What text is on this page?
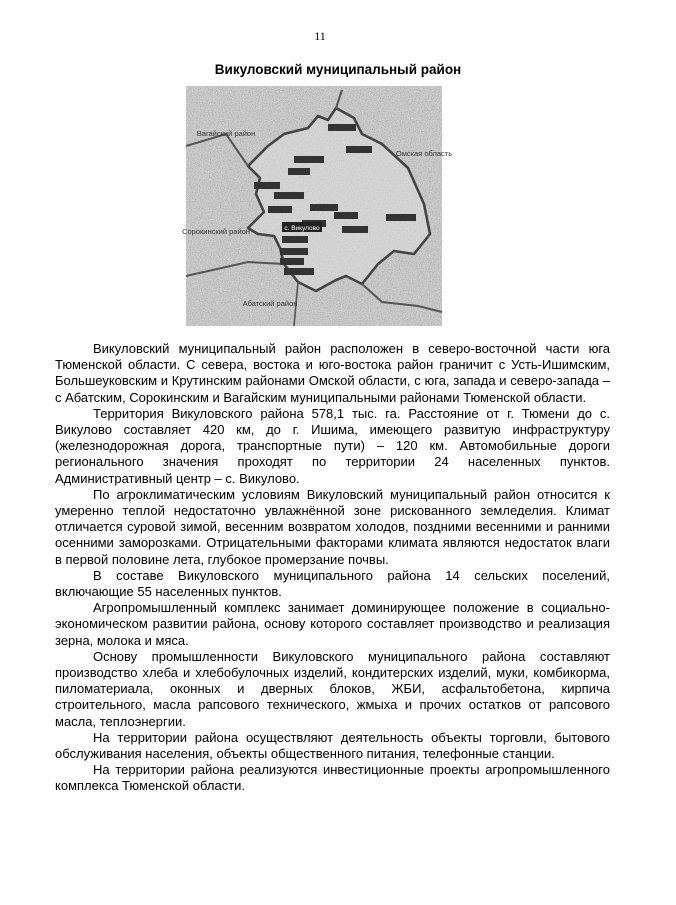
11
Викуловский муниципальный район
с. Викулово
Вагайский район
Омская область
Сорокинский район
Абатский район

Викуловский муниципальный район расположен в северо-восточной части юга Тюменской области. С севера, востока и юго-востока район граничит с Усть-Ишимским, Большеуковским и Крутинским районами Омской области, с юга, запада и северо-запада – с Абатским, Сорокинским и Вагайским муниципальными районами Тюменской области.

Территория Викуловского района 578,1 тыс. га. Расстояние от г. Тюмени до с. Викулово составляет 420 км, до г. Ишима, имеющего развитую инфраструктуру (железнодорожная дорога, транспортные пути) – 120 км. Автомобильные дороги регионального значения проходят по территории 24 населенных пунктов. Административный центр – с. Викулово.

По агроклиматическим условиям Викуловский муниципальный район относится к умеренно теплой недостаточно увлажнённой зоне рискованного земледелия. Климат отличается суровой зимой, весенним возвратом холодов, поздними весенними и ранними осенними заморозками. Отрицательными факторами климата являются недостаток влаги в первой половине лета, глубокое промерзание почвы.

В составе Викуловского муниципального района 14 сельских поселений, включающие 55 населенных пунктов.

Агропромышленный комплекс занимает доминирующее положение в социально-экономическом развитии района, основу которого составляет производство и реализация зерна, молока и мяса.

Основу промышленности Викуловского муниципального района составляют производство хлеба и хлебобулочных изделий, кондитерских изделий, муки, комбикорма, пиломатериала, оконных и дверных блоков, ЖБИ, асфальтобетона, кирпича строительного, масла рапсового технического, жмыха и прочих остатков от рапсового масла, теплоэнергии.

На территории района осуществляют деятельность объекты торговли, бытового обслуживания населения, объекты общественного питания, телефонные станции.

На территории района реализуются инвестиционные проекты агропромышленного комплекса Тюменской области.
